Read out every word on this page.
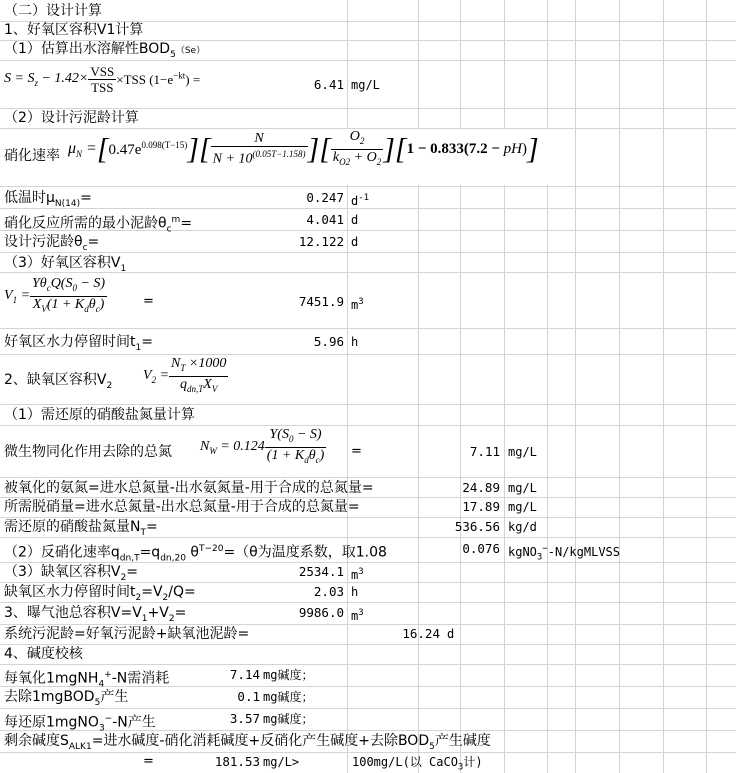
（二）设计计算
1、好氧区容积V1计算
（1）估算出水溶解性$BOD_5(Se)$
$S = S_z - 1.42\times \frac{\text{VSS}}{\text{TSS}} \times TSS$ $(1-e^{-kt})$ =	6.41 mg/L
（2）设计污泥龄计算
硝化速率 $\mu_N =[0.47e^{0.098(T-15)}][ \frac{N}{N + 10^{(0.05T-1.158)}}$ ][ $\frac{O_2}{k_{O2} + O_2} ][1 - 0.833(7.2 - pH)]$
低温时$\mu_{N(14)}=$	0.247 $d^{-1}$
硝化反应所需的最小泥龄$\theta_c^m=$	4.041 d
设计污泥龄$\theta_c=$	12.122 d
（3）好氧区容积$V_1$
$V_1 = \frac{Y\theta_cQ(S_0 - S)}{X_V(1 + K_d\theta_c)}$	=	7451.9 $m^3$
好氧区水力停留时间$t_1=$	5.96 h
2、缺氧区容积$V_2$
$V_2 = \frac{N_T \times 1000}{q_{dn,T}X_V}$
（1）需还原的硝酸盐氮量计算
微生物同化作用去除的总氮 $N_W = 0.124 \frac{Y(S_0 - S)}{(1 + K_d\theta_c)}$ =	7.11 mg/L
被氧化的氨氮=进水总氮量-出水氨氮量-用于合成的总氮量=	24.89 mg/L
所需脱硝量=进水总氮量-出水总氮量-用于合成的总氮量=	17.89 mg/L
需还原的硝酸盐氮量$N_T=$	536.56 kg/d
（2）反硝化速率$q_{dn,T}=q_{dn,20}$ $\theta^{T-20}=(\theta$为温度系数，取1.08	0.076 kgNO$_3$−-N/kgMLVSS
（3）缺氧区容积$V_2=$	2534.1 $m^3$
缺氧区水力停留时间$t_2=V_2/Q=$	2.03 h
3、曝气池总容积$V=V_1+V_2=$	9986.0 $m^3$
系统污泥龄=好氧污泥龄+缺氧池泥龄=	16.24 d
4、碱度校核
每氧化1mgNH$_4$+-N需消耗	7.14 mg碱度；
去除1mgBOD$_5$产生	0.1 mg碱度；
每还原1mgNO$_3$−-N产生	3.57 mg碱度；
剩余碱度$S_{ALK1}=$进水碱度-硝化消耗碱度+反硝化产生碱度+去除$BOD_5$产生碱度
=	181.53 mg/L>	100mg/L(以 CaCO$_3$计)
